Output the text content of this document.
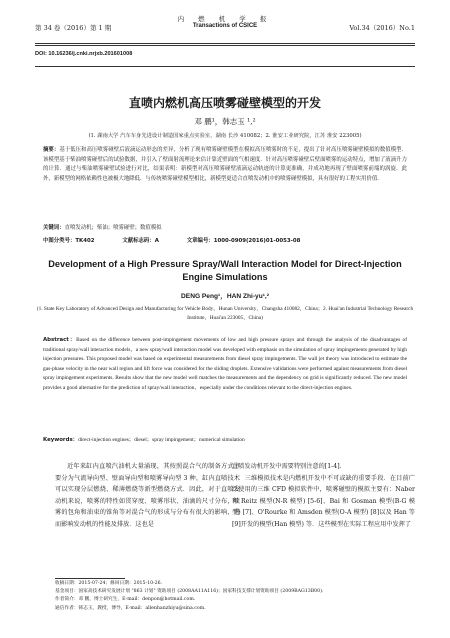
第 34 卷（2016）第 1 期
内 燃 机 学 报
Transactions of CSICE	Vol.34（2016）No.1
DOI: 10.16236/j.cnki.nrjxb.201601008
直喷内燃机高压喷雾碰壁模型的开发
邓 鹏¹，韩志玉 ¹,²
(1. 湖南大学 汽车车身先进设计制造国家重点实验室，湖南 长沙 410082；2. 淮安工业研究院，江苏 淮安 223005)
摘要：基于低压和高压喷雾碰壁后液滴运动形态的差异，分析了现有喷雾碰壁模型在模拟高压喷雾时的不足，提出了针对高压喷雾碰壁模拟的数值模型．该模型基于柴油喷雾碰壁后的试验数据，并引入了壁面射流理论来估计靠近壁面的气相速度．针对高压喷雾碰壁后壁面喷雾的运动特点，增加了液滴升力的计算．通过与柴油喷雾碰壁试验进行对比，结果表明：新模型对高压喷雾碰壁液滴运动轨迹的计算更准确，并成功地再现了壁面喷雾前端的涡旋．此外，新模型的网格依赖性也被极大地降低．与传统喷雾碰壁模型相比，新模型更适合直喷发动机中的喷雾碰壁模拟，具有很好的工程实用价值．
关键词：直喷发动机；柴油；喷雾碰壁；数值模拟
中图分类号：TK402	文献标志码：A	文章编号：1000-0909(2016)01-0053-08
Development of a High Pressure Spray/Wall Interaction Model for Direct-Injection Engine Simulations
DENG Peng¹，HAN Zhi-yu¹,²
(1. State Key Laboratory of Advanced Design and Manufacturing for Vehicle Body，Hunan University，Changsha 410082，China；2. Huai'an Industrial Technology Research Institute，Huai'an 223005，China)
Abstract：Based on the difference between post-impingement movements of low and high pressure sprays and through the analysis of the disadvantages of traditional spray/wall interaction models，a new spray/wall interaction model was developed with emphasis on the simulation of spray impingements generated by high injection pressures. This proposed model was based on experimental measurements from diesel spray impingements. The wall jet theory was introduced to estimate the gas-phase velocity in the near wall region and lift force was considered for the sliding droplets. Extensive validations were performed against measurements from diesel spray impingement experiments. Results show that the new model well matches the measurements and the dependency on grid is significantly reduced. The new model provides a good alternative for the prediction of spray/wall interaction，especially under the conditions relevant to the direct-injection engines.
Keywords：direct-injection engines；diesel；spray impingement；numerical simulation
近年来缸内直喷汽油机大量涌现，其按照混合气的制备方式主要分为气流导向型、壁面导向型和喷雾导向型 3 种，缸内直喷技术可以实现分层燃烧、稀薄燃烧等新型燃烧方式．因此，对于直喷发动机来说，喷雾的特性如贯穿度、喷雾形状、油滴的尺寸分布，喷雾的包角和油束的锥角等对混合气的形成与分布有很大的影响，进而影响发动机的性能及排放．这也是
直喷发动机开发中需要特别注意的[1-4]．
　　三维模拟技术是内燃机开发中不可或缺的重要手段．在目前广泛使用的三维 CFD 模拟软件中，喷雾碰壁的模拟主要有：Naber 和 Reitz 模型(N-R 模型) [5-6]、Bai 和 Gosman 模型(B-G 模型) [7]、O'Rourke 和 Amsden 模型(O-A 模型) [8]以及 Han 等[9]开发的模型(Han 模型) 等．这些模型在实际工程应用中发挥了
收稿日期：2015-07-24；修回日期：2015-10-26.
基金项目：国家高技术研究发展计划 "863 计划" 资助项目 (2008AA11A116)；国家科技支撑计划资助项目 (2009BAG13B00)．
作者简介：邓 鹏，博士研究生，E-mail：denpon@hotmail.com.
通信作者：韩志玉，教授，博导，E-mail：allenhanzhiyu@sina.com.
